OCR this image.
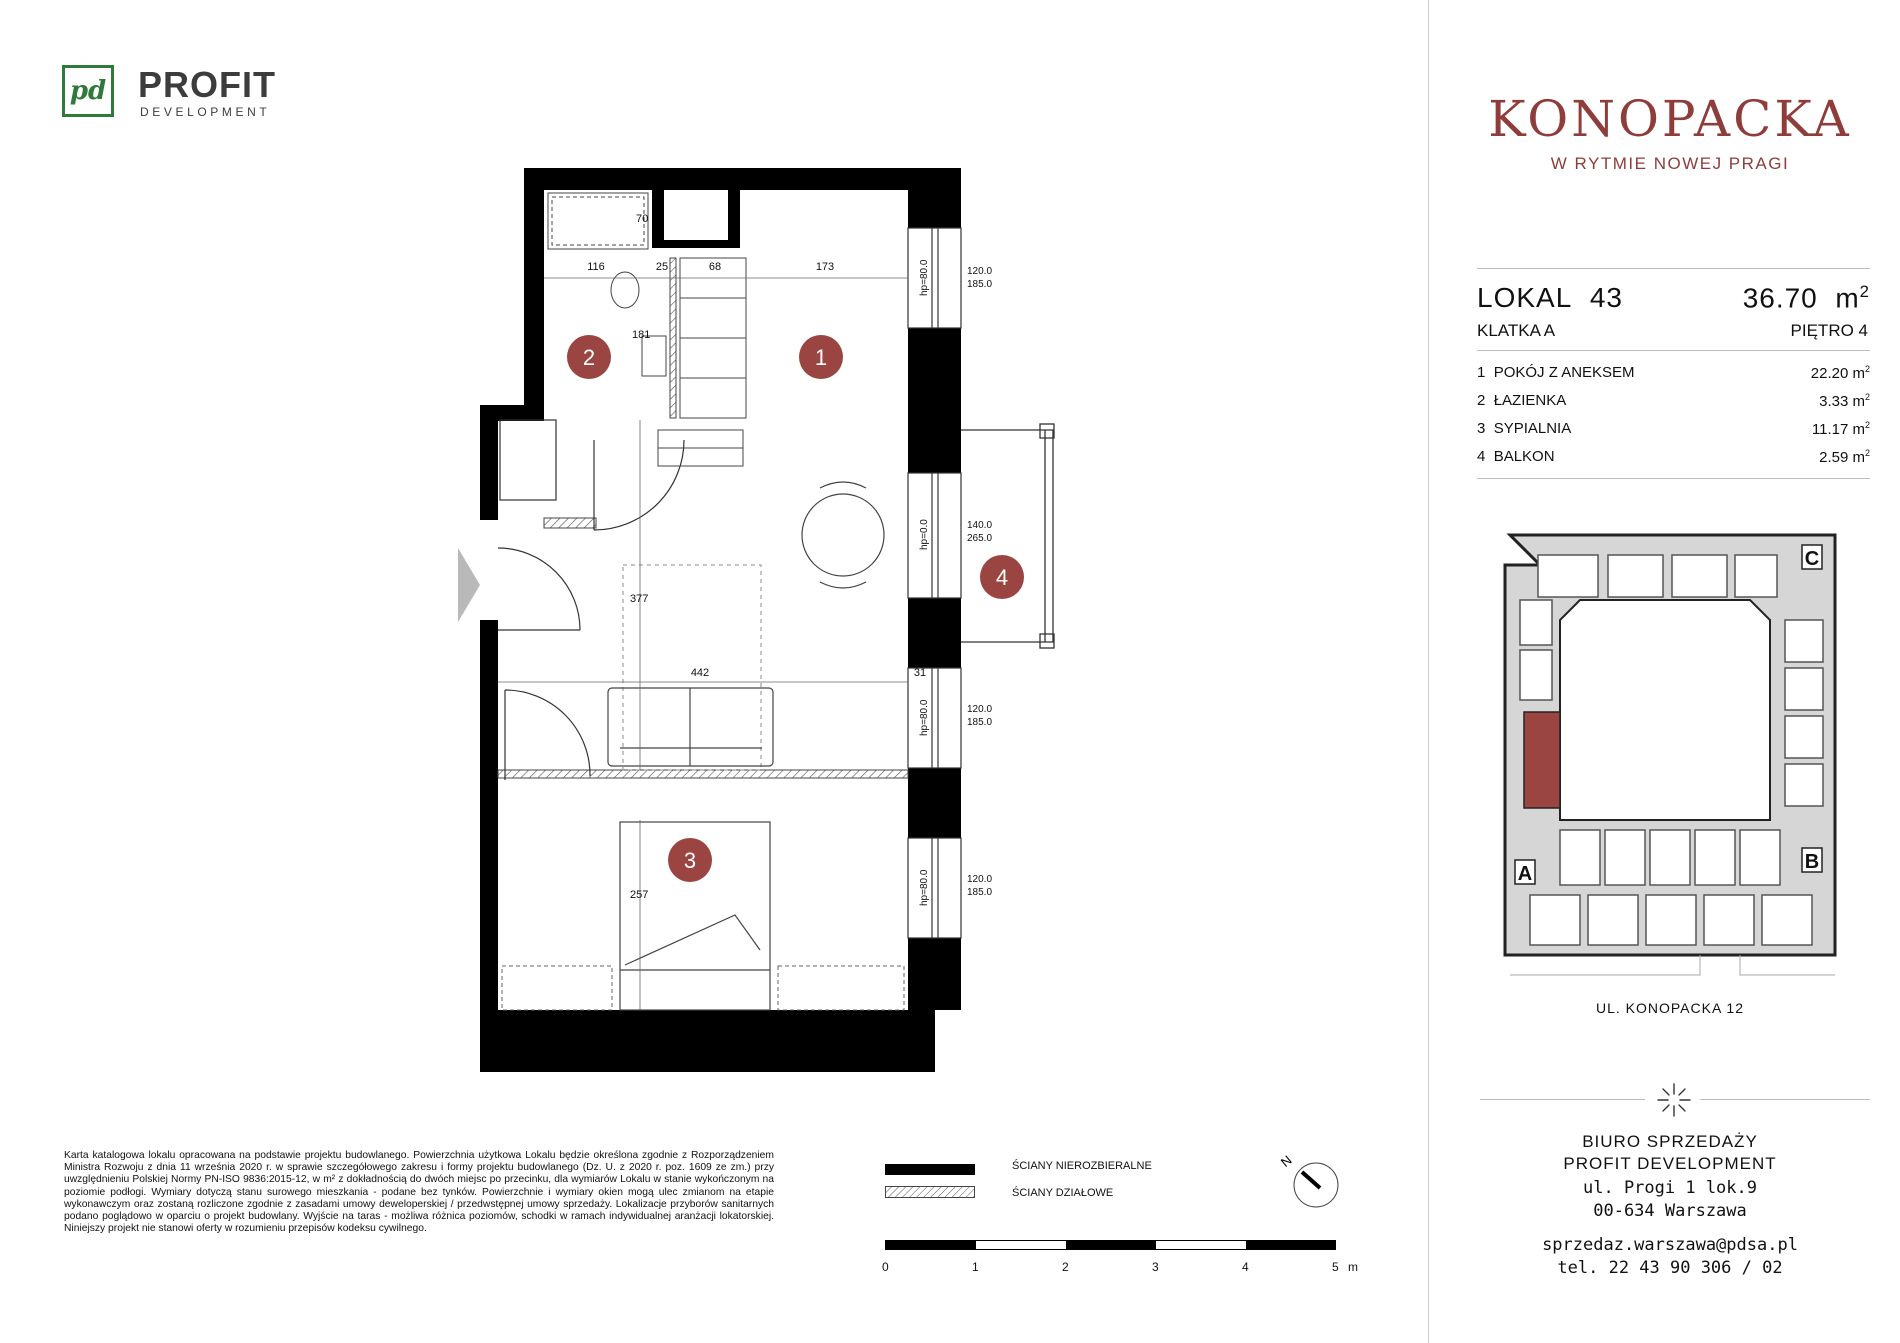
pd PROFIT
DEVELOPMENT
116	25	68	173
70
181
377
442	31
257
120.0
185.0
140.0
265.0
120.0
185.0
120.0
185.0
hp=80.0
hp=0.0
hp=80.0
hp=80.0
2	1
4
3
KONOPACKA
W RYTMIE NOWEJ PRAGI
LOKAL 43	36.70 $m^2$
KLATKA A	PIĘTRO 4
1 POKÓJ Z ANEKSEM	22.20 $m^2$
2 ŁAZIENKA	3.33 $m^2$
3 SYPIALNIA	11.17 $m^2$
4 BALKON	2.59 $m^2$
A
B
C
UL. KONOPACKA 12
BIURO SPRZEDAŻY
PROFIT DEVELOPMENT
ul. Progi 1 lok.9
00-634 Warszawa
sprzedaz.warszawa@pdsa.pl
tel. 22 43 90 306 / 02
Karta katalogowa lokalu opracowana na podstawie projektu budowlanego. Powierzchnia użytkowa Lokalu będzie określona zgodnie z Rozporządzeniem Ministra Rozwoju z dnia 11 września 2020 r. w sprawie szczegółowego zakresu i formy projektu budowlanego (Dz. U. z 2020 r. poz. 1609 ze zm.) przy uwzględnieniu Polskiej Normy PN-ISO 9836:2015-12, w m² z dokładnością do dwóch miejsc po przecinku, dla wymiarów Lokalu w stanie wykończonym na poziomie podłogi. Wymiary dotyczą stanu surowego mieszkania - podane bez tynków. Powierzchnie i wymiary okien mogą ulec zmianom na etapie wykonawczym oraz zostaną rozliczone zgodnie z zasadami umowy deweloperskiej / przedwstępnej umowy sprzedaży. Lokalizacje przyborów sanitarnych podano poglądowo w oparciu o projekt budowlany. Wyjście na taras - możliwa różnica poziomów, schodki w ramach indywidualnej aranżacji lokatorskiej. Niniejszy projekt nie stanowi oferty w rozumieniu przepisów kodeksu cywilnego.
ŚCIANY NIEROZBIERALNE
ŚCIANY DZIAŁOWE
N
0	1	2	3	4	5 m
